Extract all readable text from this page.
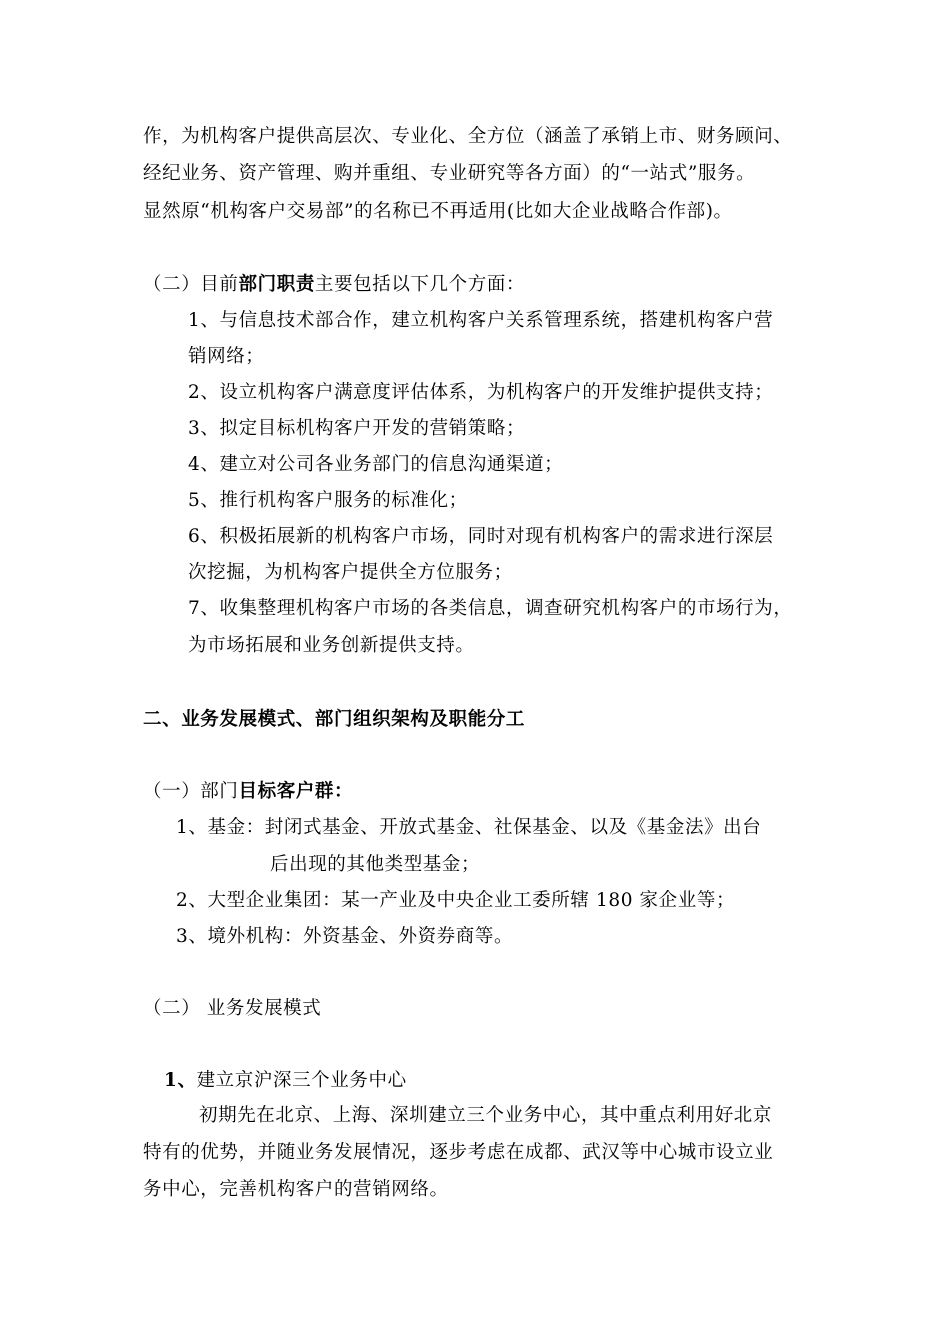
作，为机构客户提供高层次、专业化、全方位（涵盖了承销上市、财务顾问、
经纪业务、资产管理、购并重组、专业研究等各方面）的“一站式”服务。
显然原“机构客户交易部”的名称已不再适用(比如大企业战略合作部)。
（二）目前部门职责主要包括以下几个方面：
1、与信息技术部合作，建立机构客户关系管理系统，搭建机构客户营
销网络；
2、设立机构客户满意度评估体系，为机构客户的开发维护提供支持；
3、拟定目标机构客户开发的营销策略；
4、建立对公司各业务部门的信息沟通渠道；
5、推行机构客户服务的标准化；
6、积极拓展新的机构客户市场，同时对现有机构客户的需求进行深层
次挖掘，为机构客户提供全方位服务；
7、收集整理机构客户市场的各类信息，调查研究机构客户的市场行为，
为市场拓展和业务创新提供支持。
二、业务发展模式、部门组织架构及职能分工
（一）部门目标客户群：
1、基金：封闭式基金、开放式基金、社保基金、以及《基金法》出台
后出现的其他类型基金；
2、大型企业集团：某一产业及中央企业工委所辖 180 家企业等；
3、境外机构：外资基金、外资券商等。
（二） 业务发展模式
1、建立京沪深三个业务中心
初期先在北京、上海、深圳建立三个业务中心，其中重点利用好北京
特有的优势，并随业务发展情况，逐步考虑在成都、武汉等中心城市设立业
务中心，完善机构客户的营销网络。
